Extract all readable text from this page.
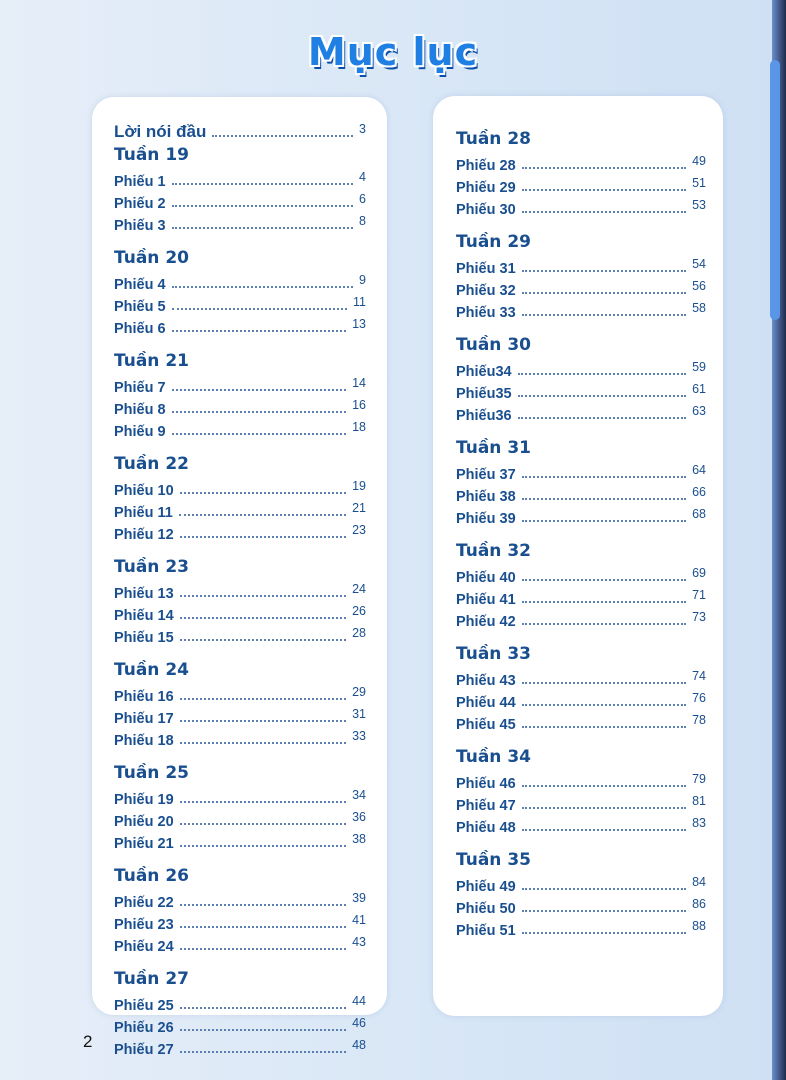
Mục lục
Lời nói đầu	3
Tuần 19
Phiếu 1	4
Phiếu 2	6
Phiếu 3	8
Tuần 20
Phiếu 4	9
Phiếu 5	11
Phiếu 6	13
Tuần 21
Phiếu 7	14
Phiếu 8	16
Phiếu 9	18
Tuần 22
Phiếu 10	19
Phiếu 11	21
Phiếu 12	23
Tuần 23
Phiếu 13	24
Phiếu 14	26
Phiếu 15	28
Tuần 24
Phiếu 16	29
Phiếu 17	31
Phiếu 18	33
Tuần 25
Phiếu 19	34
Phiếu 20	36
Phiếu 21	38
Tuần 26
Phiếu 22	39
Phiếu 23	41
Phiếu 24	43
Tuần 27
Phiếu 25	44
Phiếu 26	46
Phiếu 27	48
Tuần 28
Phiếu 28	49
Phiếu 29	51
Phiếu 30	53
Tuần 29
Phiếu 31	54
Phiếu 32	56
Phiếu 33	58
Tuần 30
Phiếu34	59
Phiếu35	61
Phiếu36	63
Tuần 31
Phiếu 37	64
Phiếu 38	66
Phiếu 39	68
Tuần 32
Phiếu 40	69
Phiếu 41	71
Phiếu 42	73
Tuần 33
Phiếu 43	74
Phiếu 44	76
Phiếu 45	78
Tuần 34
Phiếu 46	79
Phiếu 47	81
Phiếu 48	83
Tuần 35
Phiếu 49	84
Phiếu 50	86
Phiếu 51	88
2
